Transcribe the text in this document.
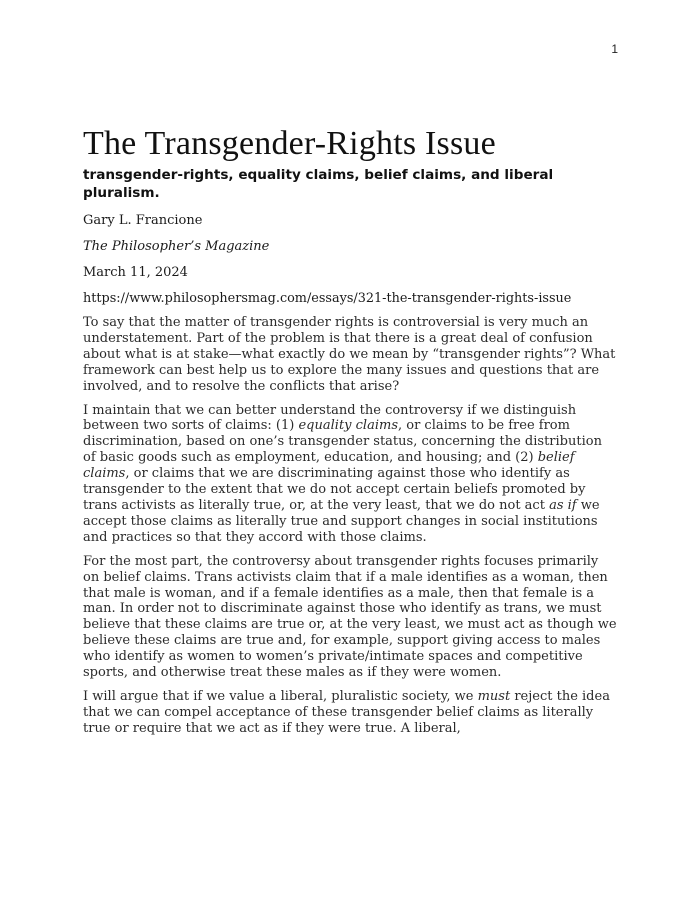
1
The Transgender-Rights Issue

transgender-rights, equality claims, belief claims, and liberal pluralism.

Gary L. Francione

The Philosopher’s Magazine

March 11, 2024

https://www.philosophersmag.com/essays/321-the-transgender-rights-issue

To say that the matter of transgender rights is controversial is very much an understatement. Part of the problem is that there is a great deal of confusion about what is at stake—what exactly do we mean by “transgender rights”? What framework can best help us to explore the many issues and questions that are involved, and to resolve the conflicts that arise?

I maintain that we can better understand the controversy if we distinguish between two sorts of claims: (1) equality claims, or claims to be free from discrimination, based on one’s transgender status, concerning the distribution of basic goods such as employment, education, and housing; and (2) belief claims, or claims that we are discriminating against those who identify as transgender to the extent that we do not accept certain beliefs promoted by trans activists as literally true, or, at the very least, that we do not act as if we accept those claims as literally true and support changes in social institutions and practices so that they accord with those claims.

For the most part, the controversy about transgender rights focuses primarily on belief claims. Trans activists claim that if a male identifies as a woman, then that male is woman, and if a female identifies as a male, then that female is a man. In order not to discriminate against those who identify as trans, we must believe that these claims are true or, at the very least, we must act as though we believe these claims are true and, for example, support giving access to males who identify as women to women’s private/intimate spaces and competitive sports, and otherwise treat these males as if they were women.

I will argue that if we value a liberal, pluralistic society, we must reject the idea that we can compel acceptance of these transgender belief claims as literally true or require that we act as if they were true. A liberal,
